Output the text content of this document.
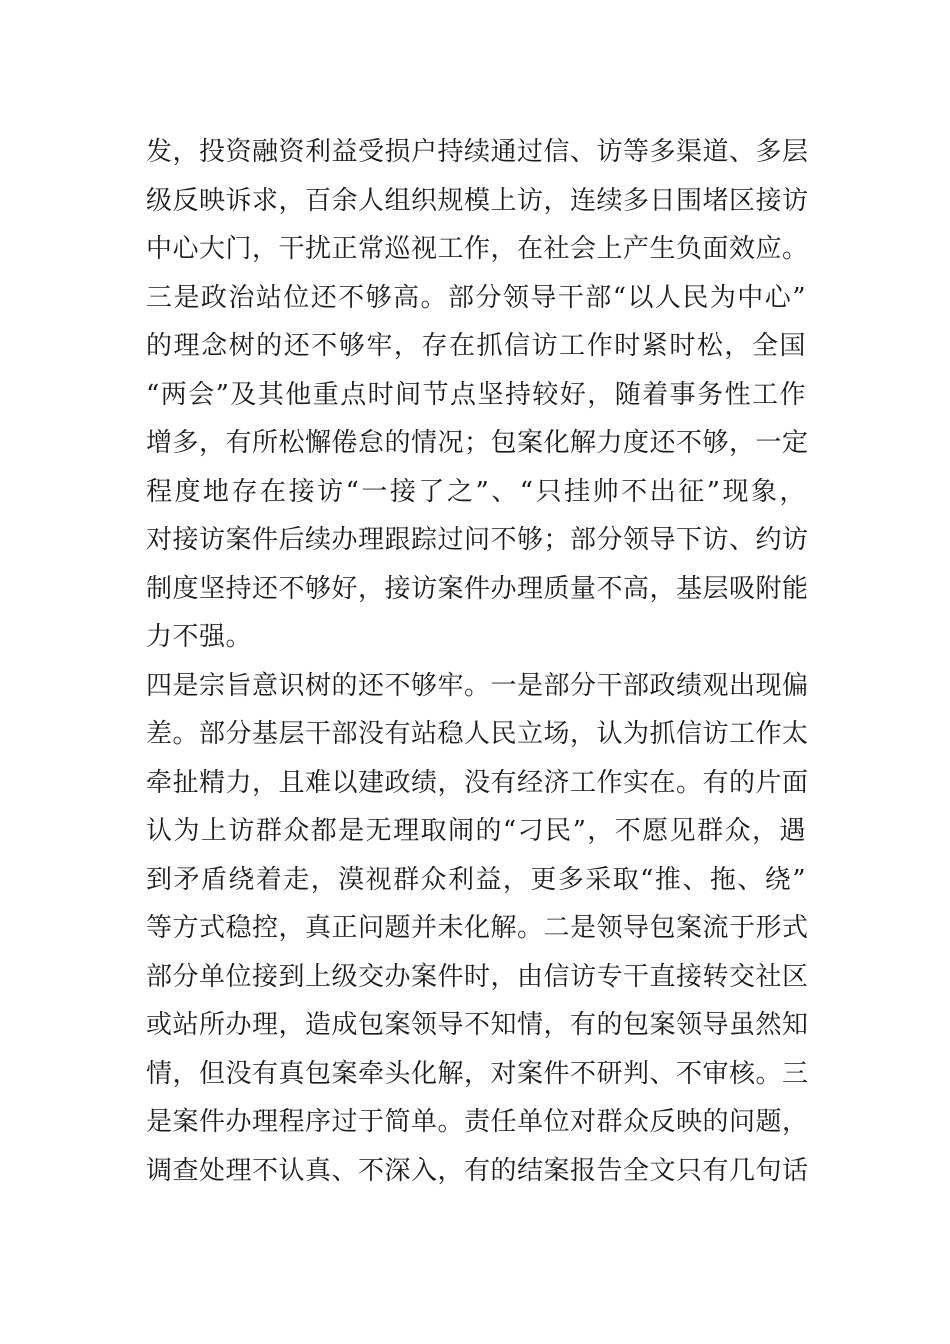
发，投资融资利益受损户持续通过信、访等多渠道、多层
级反映诉求，百余人组织规模上访，连续多日围堵区接访
中心大门，干扰正常巡视工作，在社会上产生负面效应。
三是政治站位还不够高。部分领导干部“以人民为中心”
的理念树的还不够牢，存在抓信访工作时紧时松，全国
“两会”及其他重点时间节点坚持较好，随着事务性工作
增多，有所松懈倦怠的情况；包案化解力度还不够，一定
程度地存在接访“一接了之”、“只挂帅不出征”现象，
对接访案件后续办理跟踪过问不够；部分领导下访、约访
制度坚持还不够好，接访案件办理质量不高，基层吸附能
力不强。
四是宗旨意识树的还不够牢。一是部分干部政绩观出现偏
差。部分基层干部没有站稳人民立场，认为抓信访工作太
牵扯精力，且难以建政绩，没有经济工作实在。有的片面
认为上访群众都是无理取闹的“刁民”，不愿见群众，遇
到矛盾绕着走，漠视群众利益，更多采取“推、拖、绕”
等方式稳控，真正问题并未化解。二是领导包案流于形式
部分单位接到上级交办案件时，由信访专干直接转交社区
或站所办理，造成包案领导不知情，有的包案领导虽然知
情，但没有真包案牵头化解，对案件不研判、不审核。三
是案件办理程序过于简单。责任单位对群众反映的问题，
调查处理不认真、不深入，有的结案报告全文只有几句话
